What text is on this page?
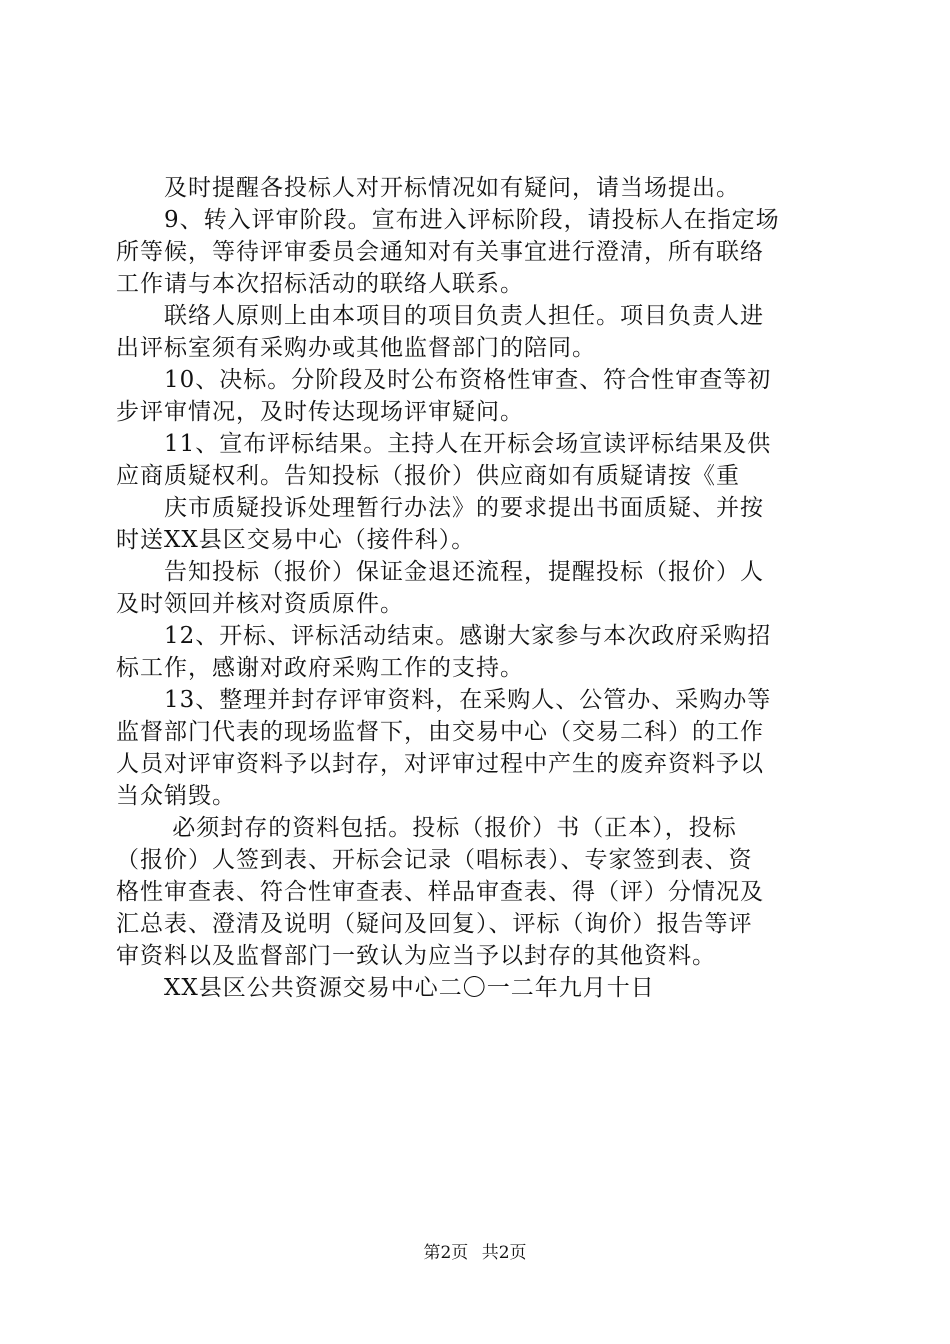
　　及时提醒各投标人对开标情况如有疑问，请当场提出。
　　9、转入评审阶段。宣布进入评标阶段，请投标人在指定场
所等候，等待评审委员会通知对有关事宜进行澄清，所有联络
工作请与本次招标活动的联络人联系。
　　联络人原则上由本项目的项目负责人担任。项目负责人进
出评标室须有采购办或其他监督部门的陪同。
　　10、决标。分阶段及时公布资格性审查、符合性审查等初
步评审情况，及时传达现场评审疑问。
　　11、宣布评标结果。主持人在开标会场宣读评标结果及供
应商质疑权利。告知投标（报价）供应商如有质疑请按《重
　　庆市质疑投诉处理暂行办法》的要求提出书面质疑、并按
时送XX县区交易中心（接件科）。
　　告知投标（报价）保证金退还流程，提醒投标（报价）人
及时领回并核对资质原件。
　　12、开标、评标活动结束。感谢大家参与本次政府采购招
标工作，感谢对政府采购工作的支持。
　　13、整理并封存评审资料，在采购人、公管办、采购办等
监督部门代表的现场监督下，由交易中心（交易二科）的工作
人员对评审资料予以封存，对评审过程中产生的废弃资料予以
当众销毁。
　　 必须封存的资料包括。投标（报价）书（正本），投标
（报价）人签到表、开标会记录（唱标表）、专家签到表、资
格性审查表、符合性审查表、样品审查表、得（评）分情况及
汇总表、澄清及说明（疑问及回复）、评标（询价）报告等评
审资料以及监督部门一致认为应当予以封存的其他资料。
　　XX县区公共资源交易中心二〇一二年九月十日
第2页 共2页
